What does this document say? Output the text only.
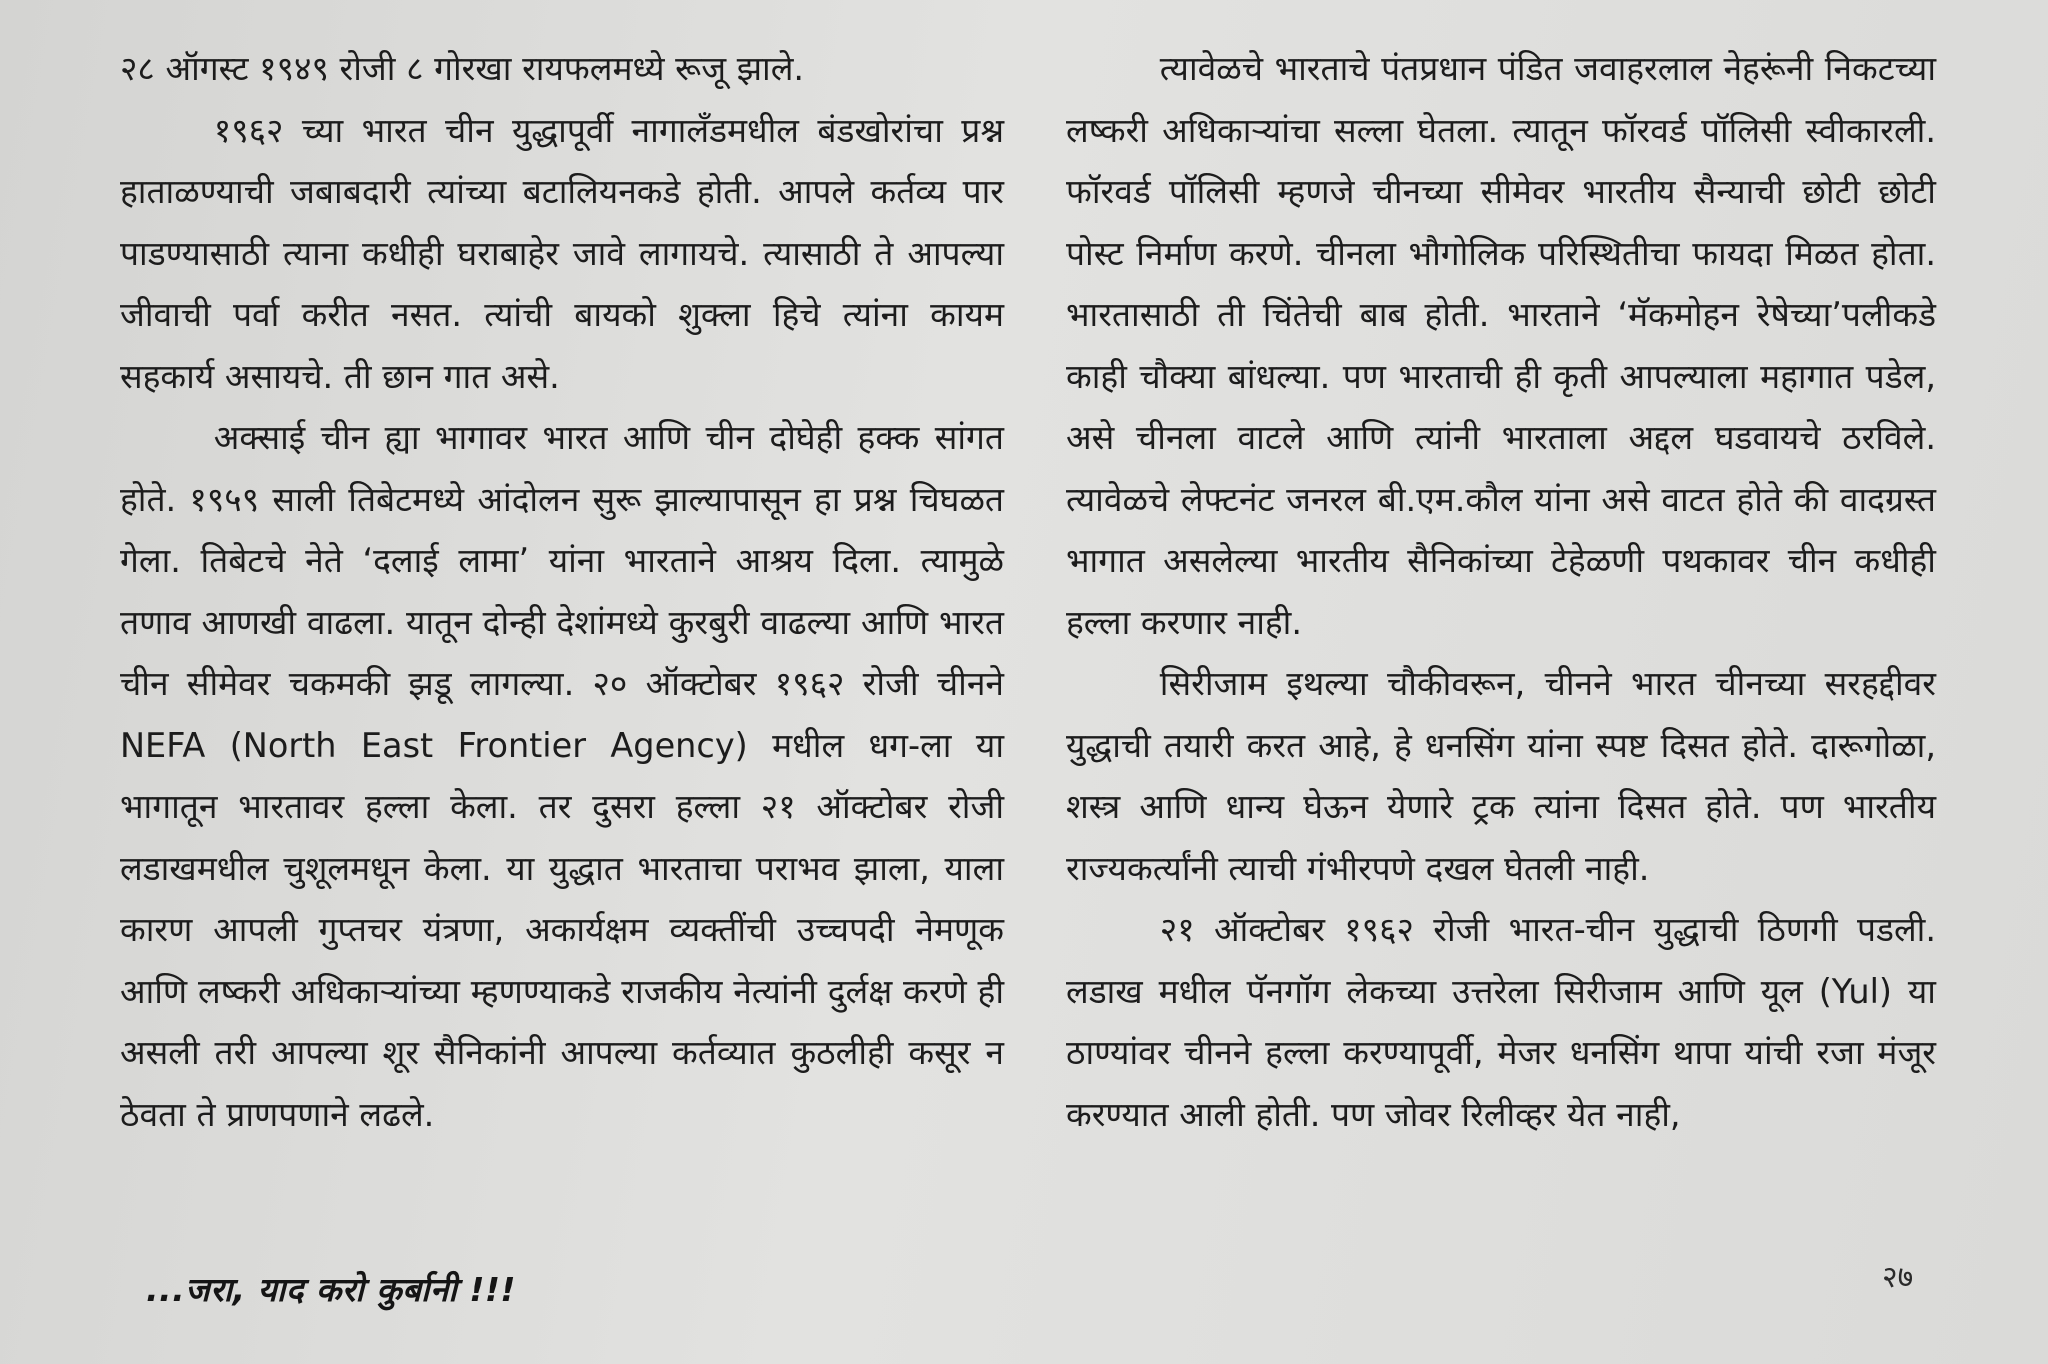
२८ ऑगस्ट १९४९ रोजी ८ गोरखा रायफलमध्ये रूजू झाले.

१९६२ च्या भारत चीन युद्धापूर्वी नागालँडमधील बंडखोरांचा प्रश्न हाताळण्याची जबाबदारी त्यांच्या बटालियनकडे होती. आपले कर्तव्य पार पाडण्यासाठी त्याना कधीही घराबाहेर जावे लागायचे. त्यासाठी ते आपल्या जीवाची पर्वा करीत नसत. त्यांची बायको शुक्ला हिचे त्यांना कायम सहकार्य असायचे. ती छान गात असे.

अक्साई चीन ह्या भागावर भारत आणि चीन दोघेही हक्क सांगत होते. १९५९ साली तिबेटमध्ये आंदोलन सुरू झाल्यापासून हा प्रश्न चिघळत गेला. तिबेटचे नेते ‘दलाई लामा’ यांना भारताने आश्रय दिला. त्यामुळे तणाव आणखी वाढला. यातून दोन्ही देशांमध्ये कुरबुरी वाढल्या आणि भारत चीन सीमेवर चकमकी झडू लागल्या. २० ऑक्टोबर १९६२ रोजी चीनने NEFA (North East Frontier Agency) मधील धग-ला या भागातून भारतावर हल्ला केला. तर दुसरा हल्ला २१ ऑक्टोबर रोजी लडाखमधील चुशूलमधून केला. या युद्धात भारताचा पराभव झाला, याला कारण आपली गुप्तचर यंत्रणा, अकार्यक्षम व्यक्तींची उच्चपदी नेमणूक आणि लष्करी अधिकाऱ्यांच्या म्हणण्याकडे राजकीय नेत्यांनी दुर्लक्ष करणे ही असली तरी आपल्या शूर सैनिकांनी आपल्या कर्तव्यात कुठलीही कसूर न ठेवता ते प्राणपणाने लढले.

त्यावेळचे भारताचे पंतप्रधान पंडित जवाहरलाल नेहरूंनी निकटच्या लष्करी अधिकाऱ्यांचा सल्ला घेतला. त्यातून फॉरवर्ड पॉलिसी स्वीकारली. फॉरवर्ड पॉलिसी म्हणजे चीनच्या सीमेवर भारतीय सैन्याची छोटी छोटी पोस्ट निर्माण करणे. चीनला भौगोलिक परिस्थितीचा फायदा मिळत होता. भारतासाठी ती चिंतेची बाब होती. भारताने ‘मॅकमोहन रेषेच्या’पलीकडे काही चौक्या बांधल्या. पण भारताची ही कृती आपल्याला महागात पडेल, असे चीनला वाटले आणि त्यांनी भारताला अद्दल घडवायचे ठरविले. त्यावेळचे लेफ्टनंट जनरल बी.एम.कौल यांना असे वाटत होते की वादग्रस्त भागात असलेल्या भारतीय सैनिकांच्या टेहेळणी पथकावर चीन कधीही हल्ला करणार नाही.

सिरीजाम इथल्या चौकीवरून, चीनने भारत चीनच्या सरहद्दीवर युद्धाची तयारी करत आहे, हे धनसिंग यांना स्पष्ट दिसत होते. दारूगोळा, शस्त्र आणि धान्य घेऊन येणारे ट्रक त्यांना दिसत होते. पण भारतीय राज्यकर्त्यांनी त्याची गंभीरपणे दखल घेतली नाही.

२१ ऑक्टोबर १९६२ रोजी भारत-चीन युद्धाची ठिणगी पडली. लडाख मधील पॅनगॉग लेकच्या उत्तरेला सिरीजाम आणि यूल (Yul) या ठाण्यांवर चीनने हल्ला करण्यापूर्वी, मेजर धनसिंग थापा यांची रजा मंजूर करण्यात आली होती. पण जोवर रिलीव्हर येत नाही,

...जरा, याद करो कुर्बानी !!!	२७
